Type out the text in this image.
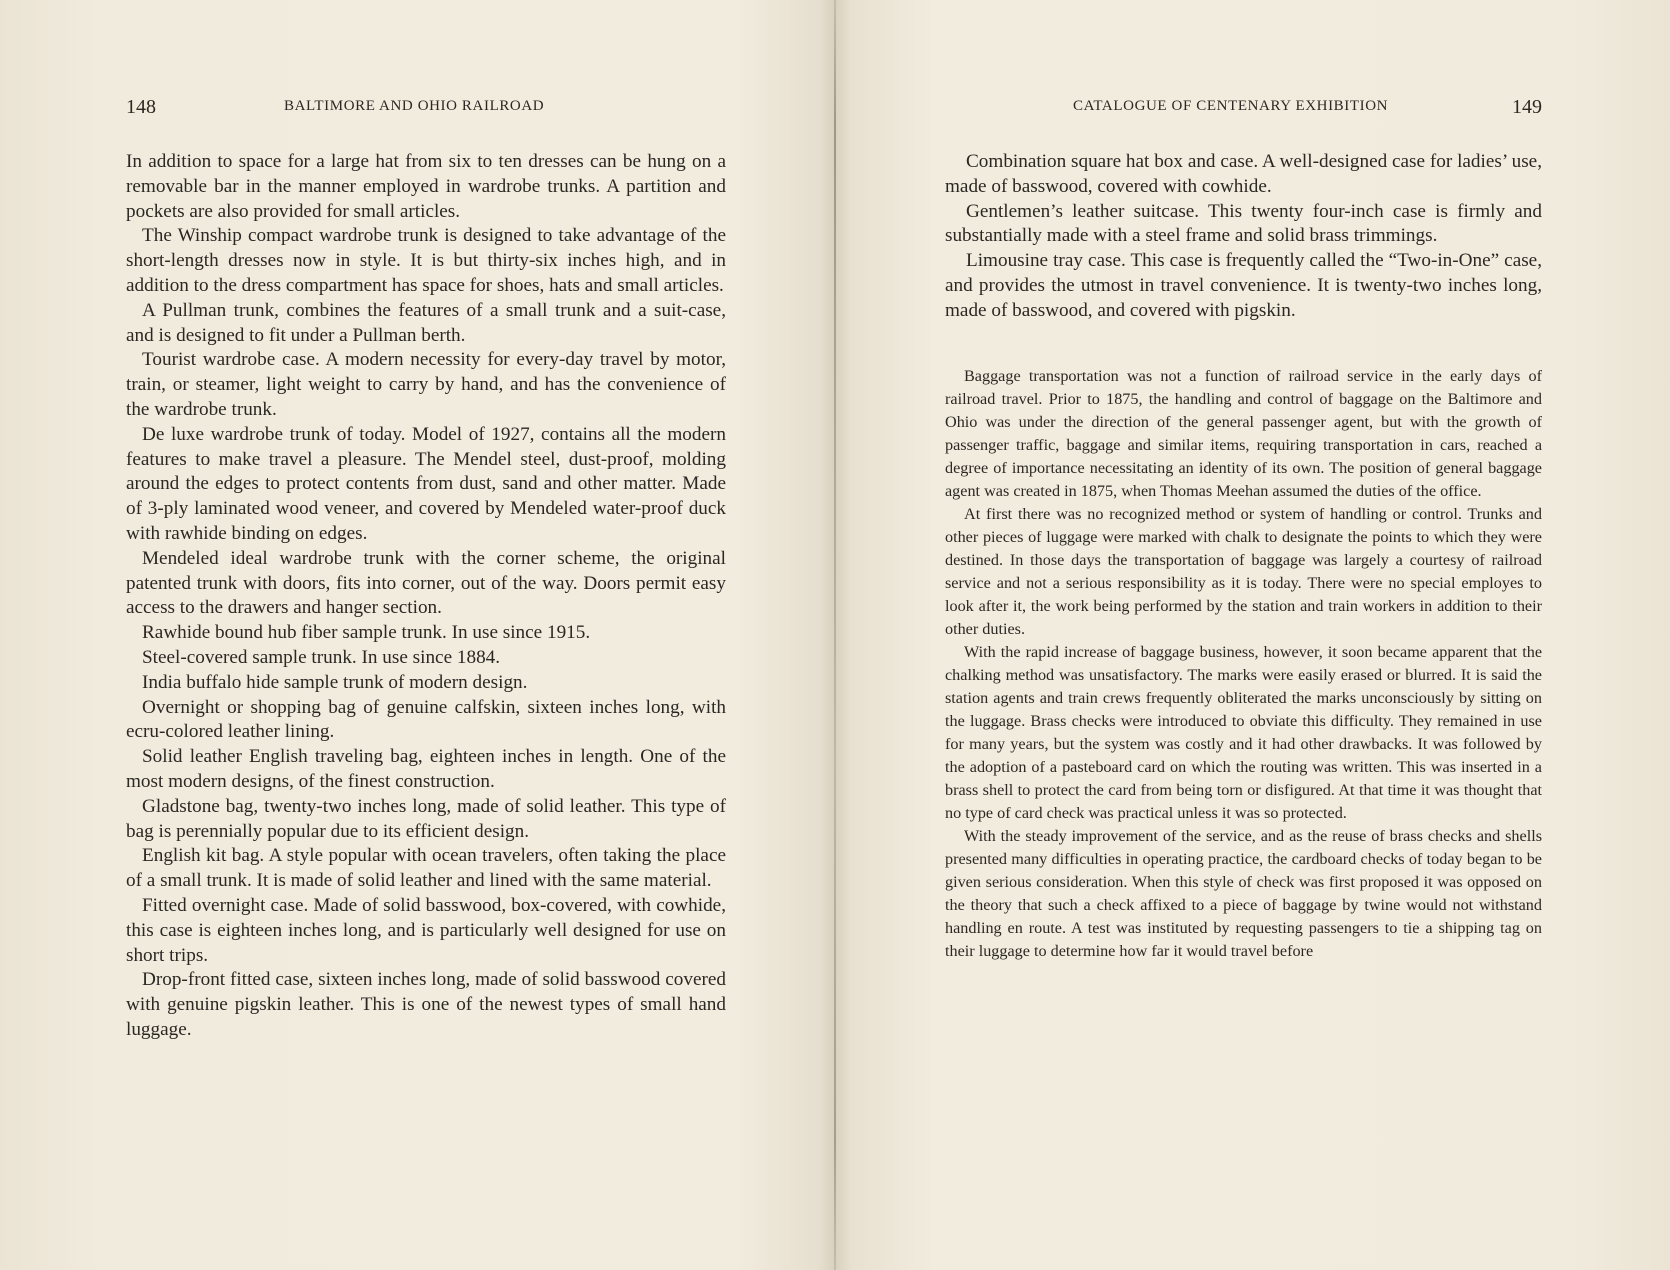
148	BALTIMORE AND OHIO RAILROAD

In addition to space for a large hat from six to ten dresses can be hung on a removable bar in the manner employed in wardrobe trunks. A partition and pockets are also provided for small articles.

The Winship compact wardrobe trunk is designed to take advantage of the short-length dresses now in style. It is but thirty-six inches high, and in addition to the dress compartment has space for shoes, hats and small articles.

A Pullman trunk, combines the features of a small trunk and a suit-case, and is designed to fit under a Pullman berth.

Tourist wardrobe case. A modern necessity for every-day travel by motor, train, or steamer, light weight to carry by hand, and has the convenience of the wardrobe trunk.

De luxe wardrobe trunk of today. Model of 1927, contains all the modern features to make travel a pleasure. The Mendel steel, dust-proof, molding around the edges to protect contents from dust, sand and other matter. Made of 3-ply laminated wood veneer, and covered by Mendeled water-proof duck with rawhide binding on edges.

Mendeled ideal wardrobe trunk with the corner scheme, the original patented trunk with doors, fits into corner, out of the way. Doors permit easy access to the drawers and hanger section.

Rawhide bound hub fiber sample trunk. In use since 1915.

Steel-covered sample trunk. In use since 1884.

India buffalo hide sample trunk of modern design.

Overnight or shopping bag of genuine calfskin, sixteen inches long, with ecru-colored leather lining.

Solid leather English traveling bag, eighteen inches in length. One of the most modern designs, of the finest construction.

Gladstone bag, twenty-two inches long, made of solid leather. This type of bag is perennially popular due to its efficient design.

English kit bag. A style popular with ocean travelers, often taking the place of a small trunk. It is made of solid leather and lined with the same material.

Fitted overnight case. Made of solid basswood, box-covered, with cowhide, this case is eighteen inches long, and is particularly well designed for use on short trips.

Drop-front fitted case, sixteen inches long, made of solid basswood covered with genuine pigskin leather. This is one of the newest types of small hand luggage.

CATALOGUE OF CENTENARY EXHIBITION	149

Combination square hat box and case. A well-designed case for ladies’ use, made of basswood, covered with cowhide.

Gentlemen’s leather suitcase. This twenty four-inch case is firmly and substantially made with a steel frame and solid brass trimmings.

Limousine tray case. This case is frequently called the “Two-in-One” case, and provides the utmost in travel convenience. It is twenty-two inches long, made of basswood, and covered with pigskin.

Baggage transportation was not a function of railroad service in the early days of railroad travel. Prior to 1875, the handling and control of baggage on the Baltimore and Ohio was under the direction of the general passenger agent, but with the growth of passenger traffic, baggage and similar items, requiring transportation in cars, reached a degree of importance necessitating an identity of its own. The position of general baggage agent was created in 1875, when Thomas Meehan assumed the duties of the office.

At first there was no recognized method or system of handling or control. Trunks and other pieces of luggage were marked with chalk to designate the points to which they were destined. In those days the transportation of baggage was largely a courtesy of railroad service and not a serious responsibility as it is today. There were no special employes to look after it, the work being performed by the station and train workers in addition to their other duties.

With the rapid increase of baggage business, however, it soon became apparent that the chalking method was unsatisfactory. The marks were easily erased or blurred. It is said the station agents and train crews frequently obliterated the marks unconsciously by sitting on the luggage. Brass checks were introduced to obviate this difficulty. They remained in use for many years, but the system was costly and it had other drawbacks. It was followed by the adoption of a pasteboard card on which the routing was written. This was inserted in a brass shell to protect the card from being torn or disfigured. At that time it was thought that no type of card check was practical unless it was so protected.

With the steady improvement of the service, and as the reuse of brass checks and shells presented many difficulties in operating practice, the cardboard checks of today began to be given serious consideration. When this style of check was first proposed it was opposed on the theory that such a check affixed to a piece of baggage by twine would not withstand handling en route. A test was instituted by requesting passengers to tie a shipping tag on their luggage to determine how far it would travel before
